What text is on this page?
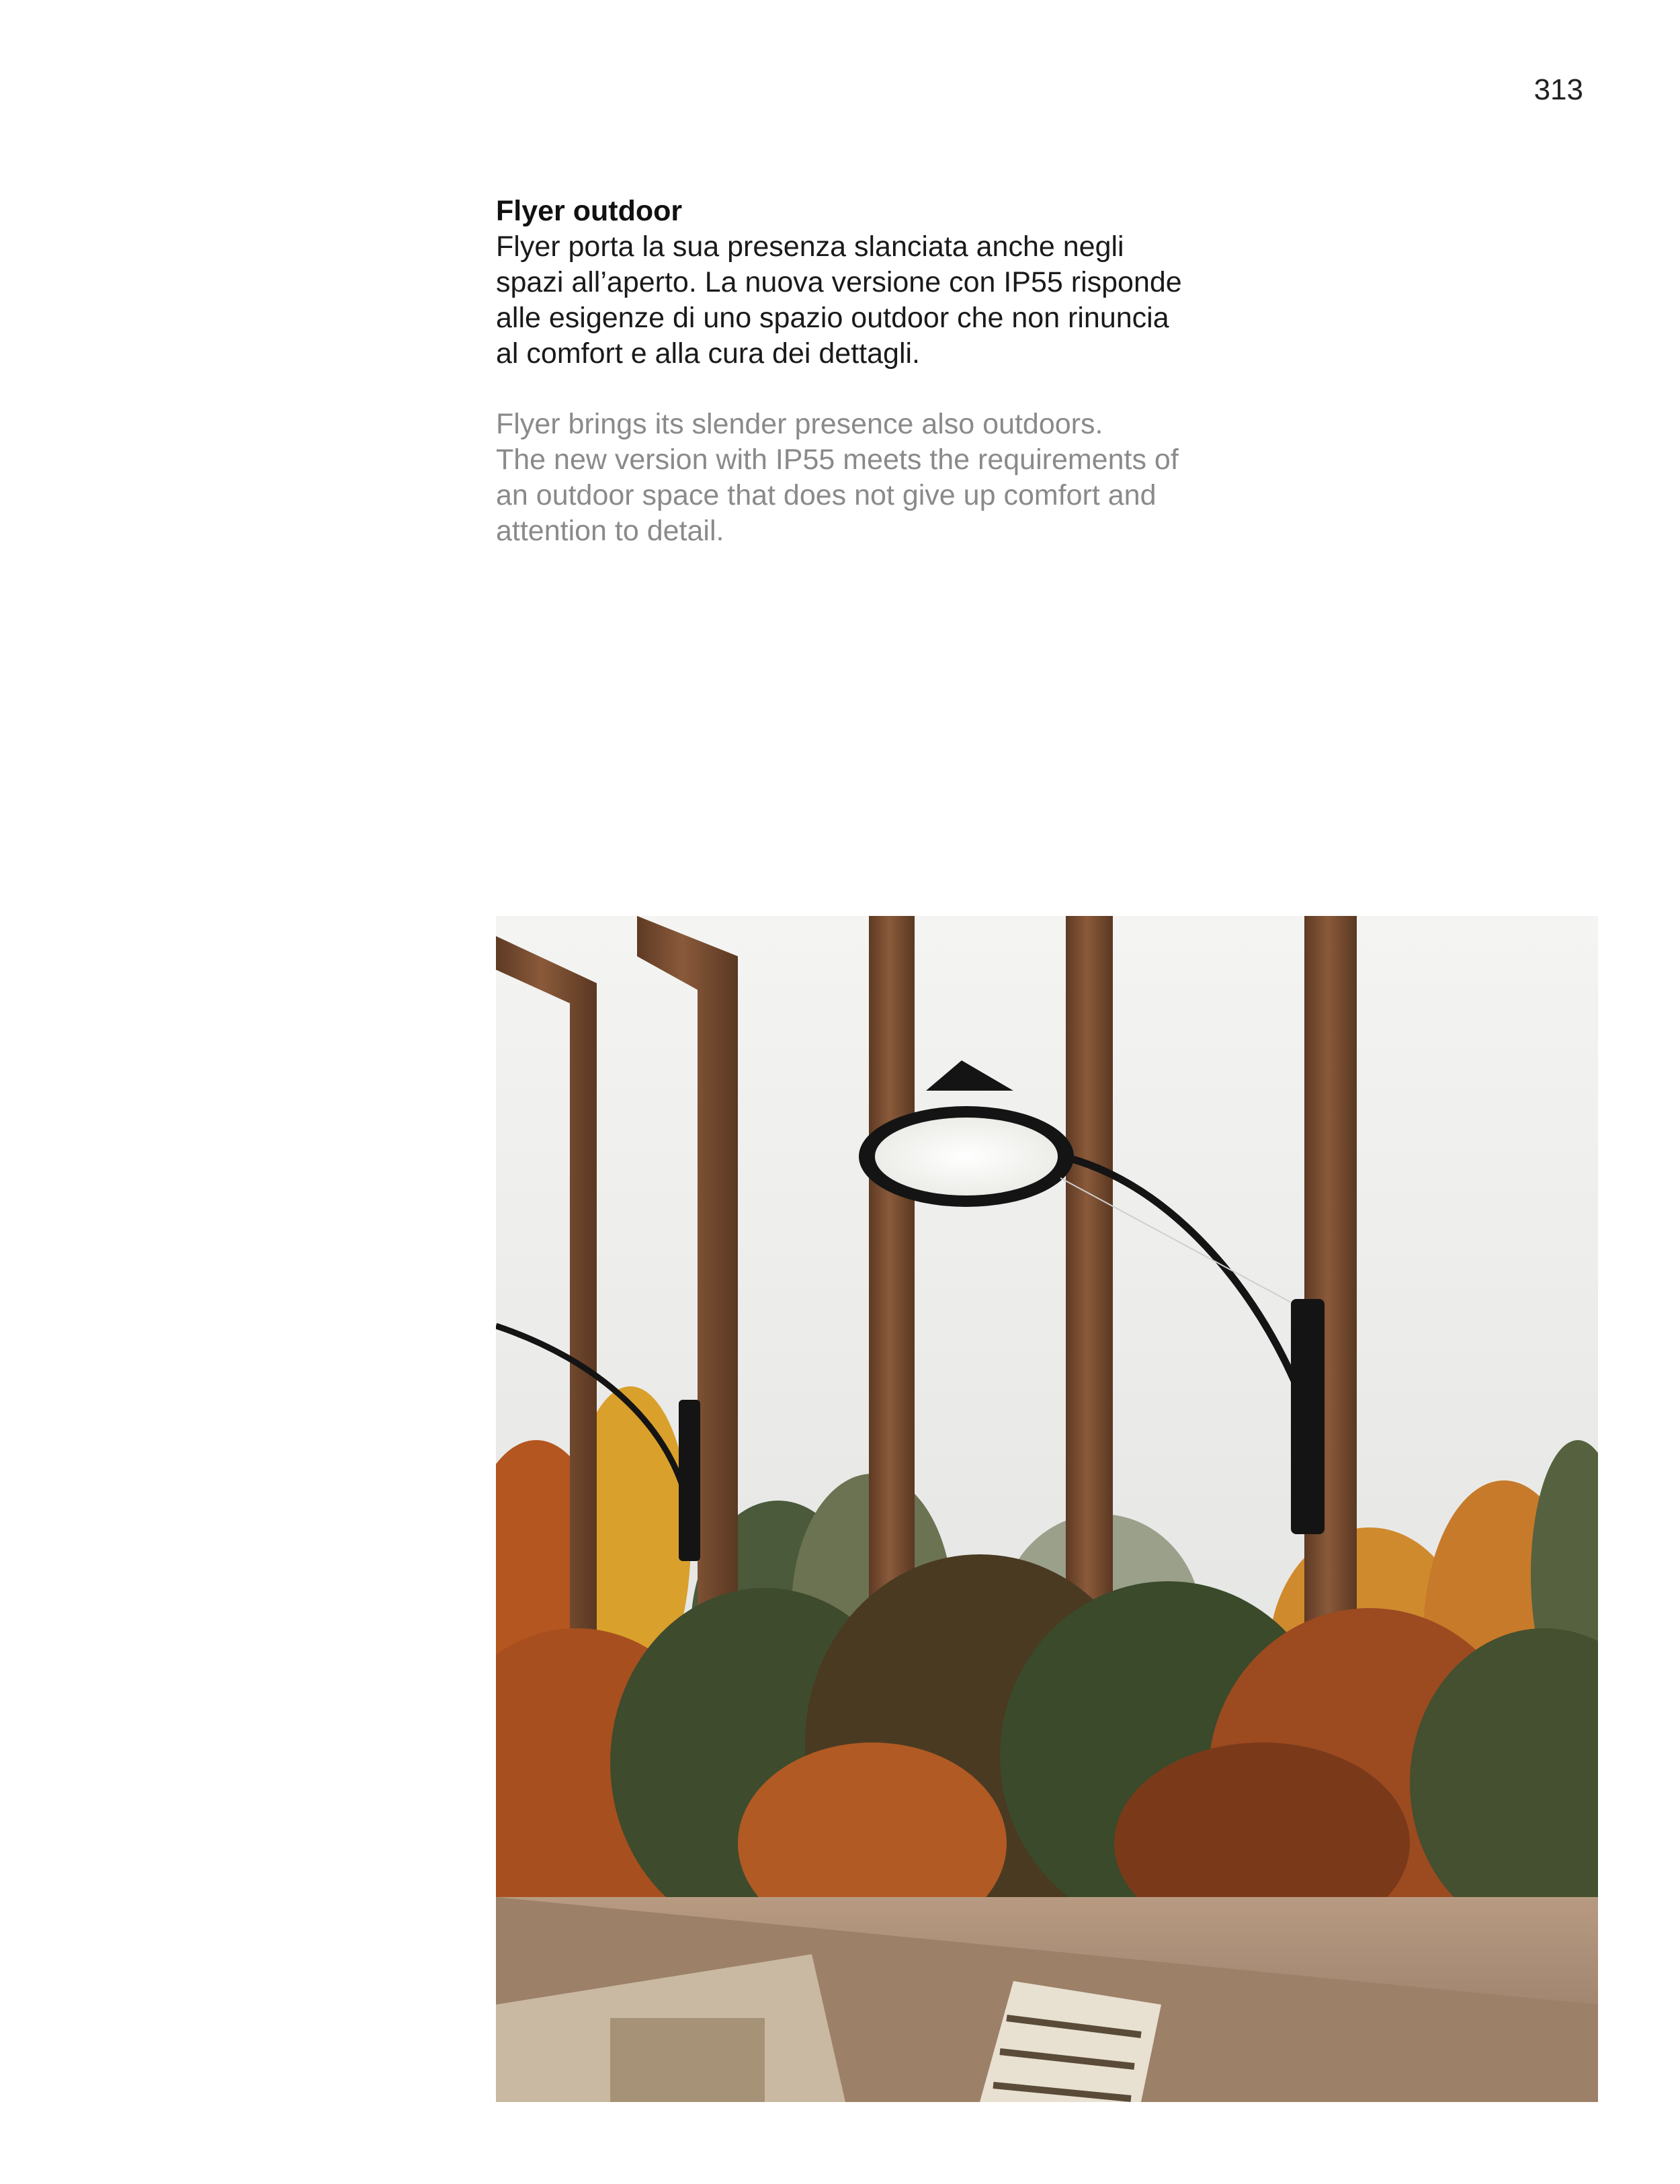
313

Flyer outdoor

Flyer porta la sua presenza slanciata anche negli
spazi all’aperto. La nuova versione con IP55 risponde
alle esigenze di uno spazio outdoor che non rinuncia
al comfort e alla cura dei dettagli.

Flyer brings its slender presence also outdoors.
The new version with IP55 meets the requirements of
an outdoor space that does not give up comfort and
attention to detail.
